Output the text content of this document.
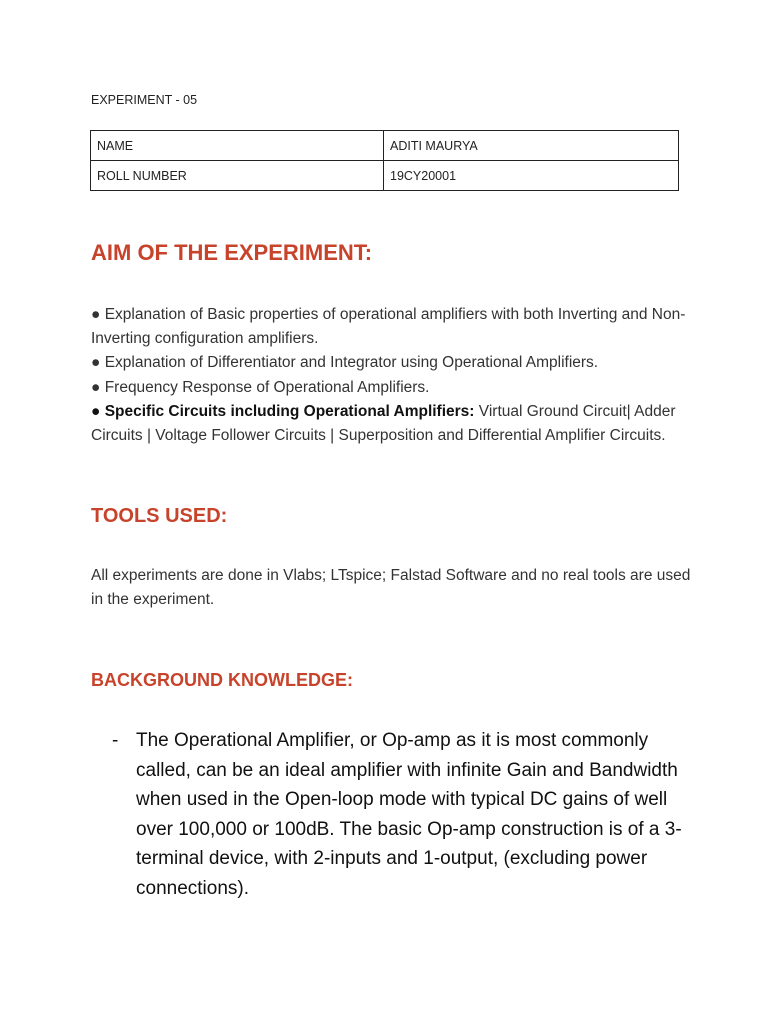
EXPERIMENT - 05
NAME	ADITI MAURYA
ROLL NUMBER	19CY20001
AIM OF THE EXPERIMENT:

● Explanation of Basic properties of operational amplifiers with both Inverting and Non-Inverting configuration amplifiers.

● Explanation of Differentiator and Integrator using Operational Amplifiers.

● Frequency Response of Operational Amplifiers.

● Specific Circuits including Operational Amplifiers: Virtual Ground Circuit| Adder Circuits | Voltage Follower Circuits | Superposition and Differential Amplifier Circuits.

TOOLS USED:
All experiments are done in Vlabs; LTspice; Falstad Software and no real tools are used in the experiment.
BACKGROUND KNOWLEDGE:
- The Operational Amplifier, or Op-amp as it is most commonly called, can be an ideal amplifier with infinite Gain and Bandwidth when used in the Open-loop mode with typical DC gains of well over 100,000 or 100dB. The basic Op-amp construction is of a 3-terminal device, with 2-inputs and 1-output, (excluding power connections).
